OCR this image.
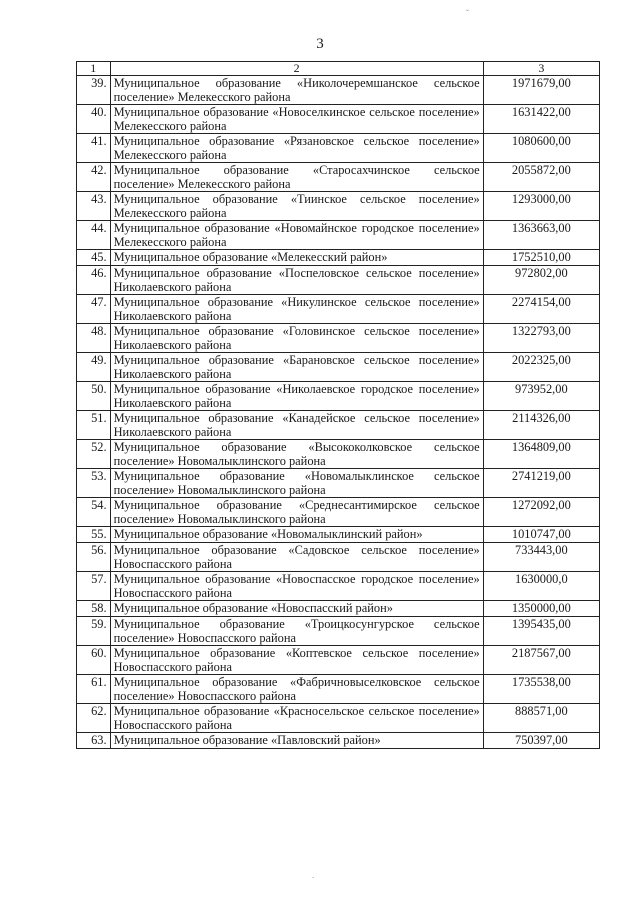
3
1	2	3
39.	Муниципальное образование «Николочеремшанское сельское поселение» Мелекесского района	1971679,00
40.	Муниципальное образование «Новоселкинское сельское поселение» Мелекесского района	1631422,00
41.	Муниципальное образование «Рязановское сельское поселение» Мелекесского района	1080600,00
42.	Муниципальное образование «Старосахчинское сельское поселение» Мелекесского района	2055872,00
43.	Муниципальное образование «Тиинское сельское поселение» Мелекесского района	1293000,00
44.	Муниципальное образование «Новомайнское городское поселение» Мелекесского района	1363663,00
45.	Муниципальное образование «Мелекесский район»	1752510,00
46.	Муниципальное образование «Поспеловское сельское поселение» Николаевского района	972802,00
47.	Муниципальное образование «Никулинское сельское поселение» Николаевского района	2274154,00
48.	Муниципальное образование «Головинское сельское поселение» Николаевского района	1322793,00
49.	Муниципальное образование «Барановское сельское поселение» Николаевского района	2022325,00
50.	Муниципальное образование «Николаевское городское поселение» Николаевского района	973952,00
51.	Муниципальное образование «Канадейское сельское поселение» Николаевского района	2114326,00
52.	Муниципальное образование «Высококолковское сельское поселение» Новомалыклинского района	1364809,00
53.	Муниципальное образование «Новомалыклинское сельское поселение» Новомалыклинского района	2741219,00
54.	Муниципальное образование «Среднесантимирское сельское поселение» Новомалыклинского района	1272092,00
55.	Муниципальное образование «Новомалыклинский район»	1010747,00
56.	Муниципальное образование «Садовское сельское поселение» Новоспасского района	733443,00
57.	Муниципальное образование «Новоспасское городское поселение» Новоспасского района	1630000,0
58.	Муниципальное образование «Новоспасский район»	1350000,00
59.	Муниципальное образование «Троицкосунгурское сельское поселение» Новоспасского района	1395435,00
60.	Муниципальное образование «Коптевское сельское поселение» Новоспасского района	2187567,00
61.	Муниципальное образование «Фабричновыселковское сельское поселение» Новоспасского района	1735538,00
62.	Муниципальное образование «Красносельское сельское поселение» Новоспасского района	888571,00
63.	Муниципальное образование «Павловский район»	750397,00
ˇ
.
